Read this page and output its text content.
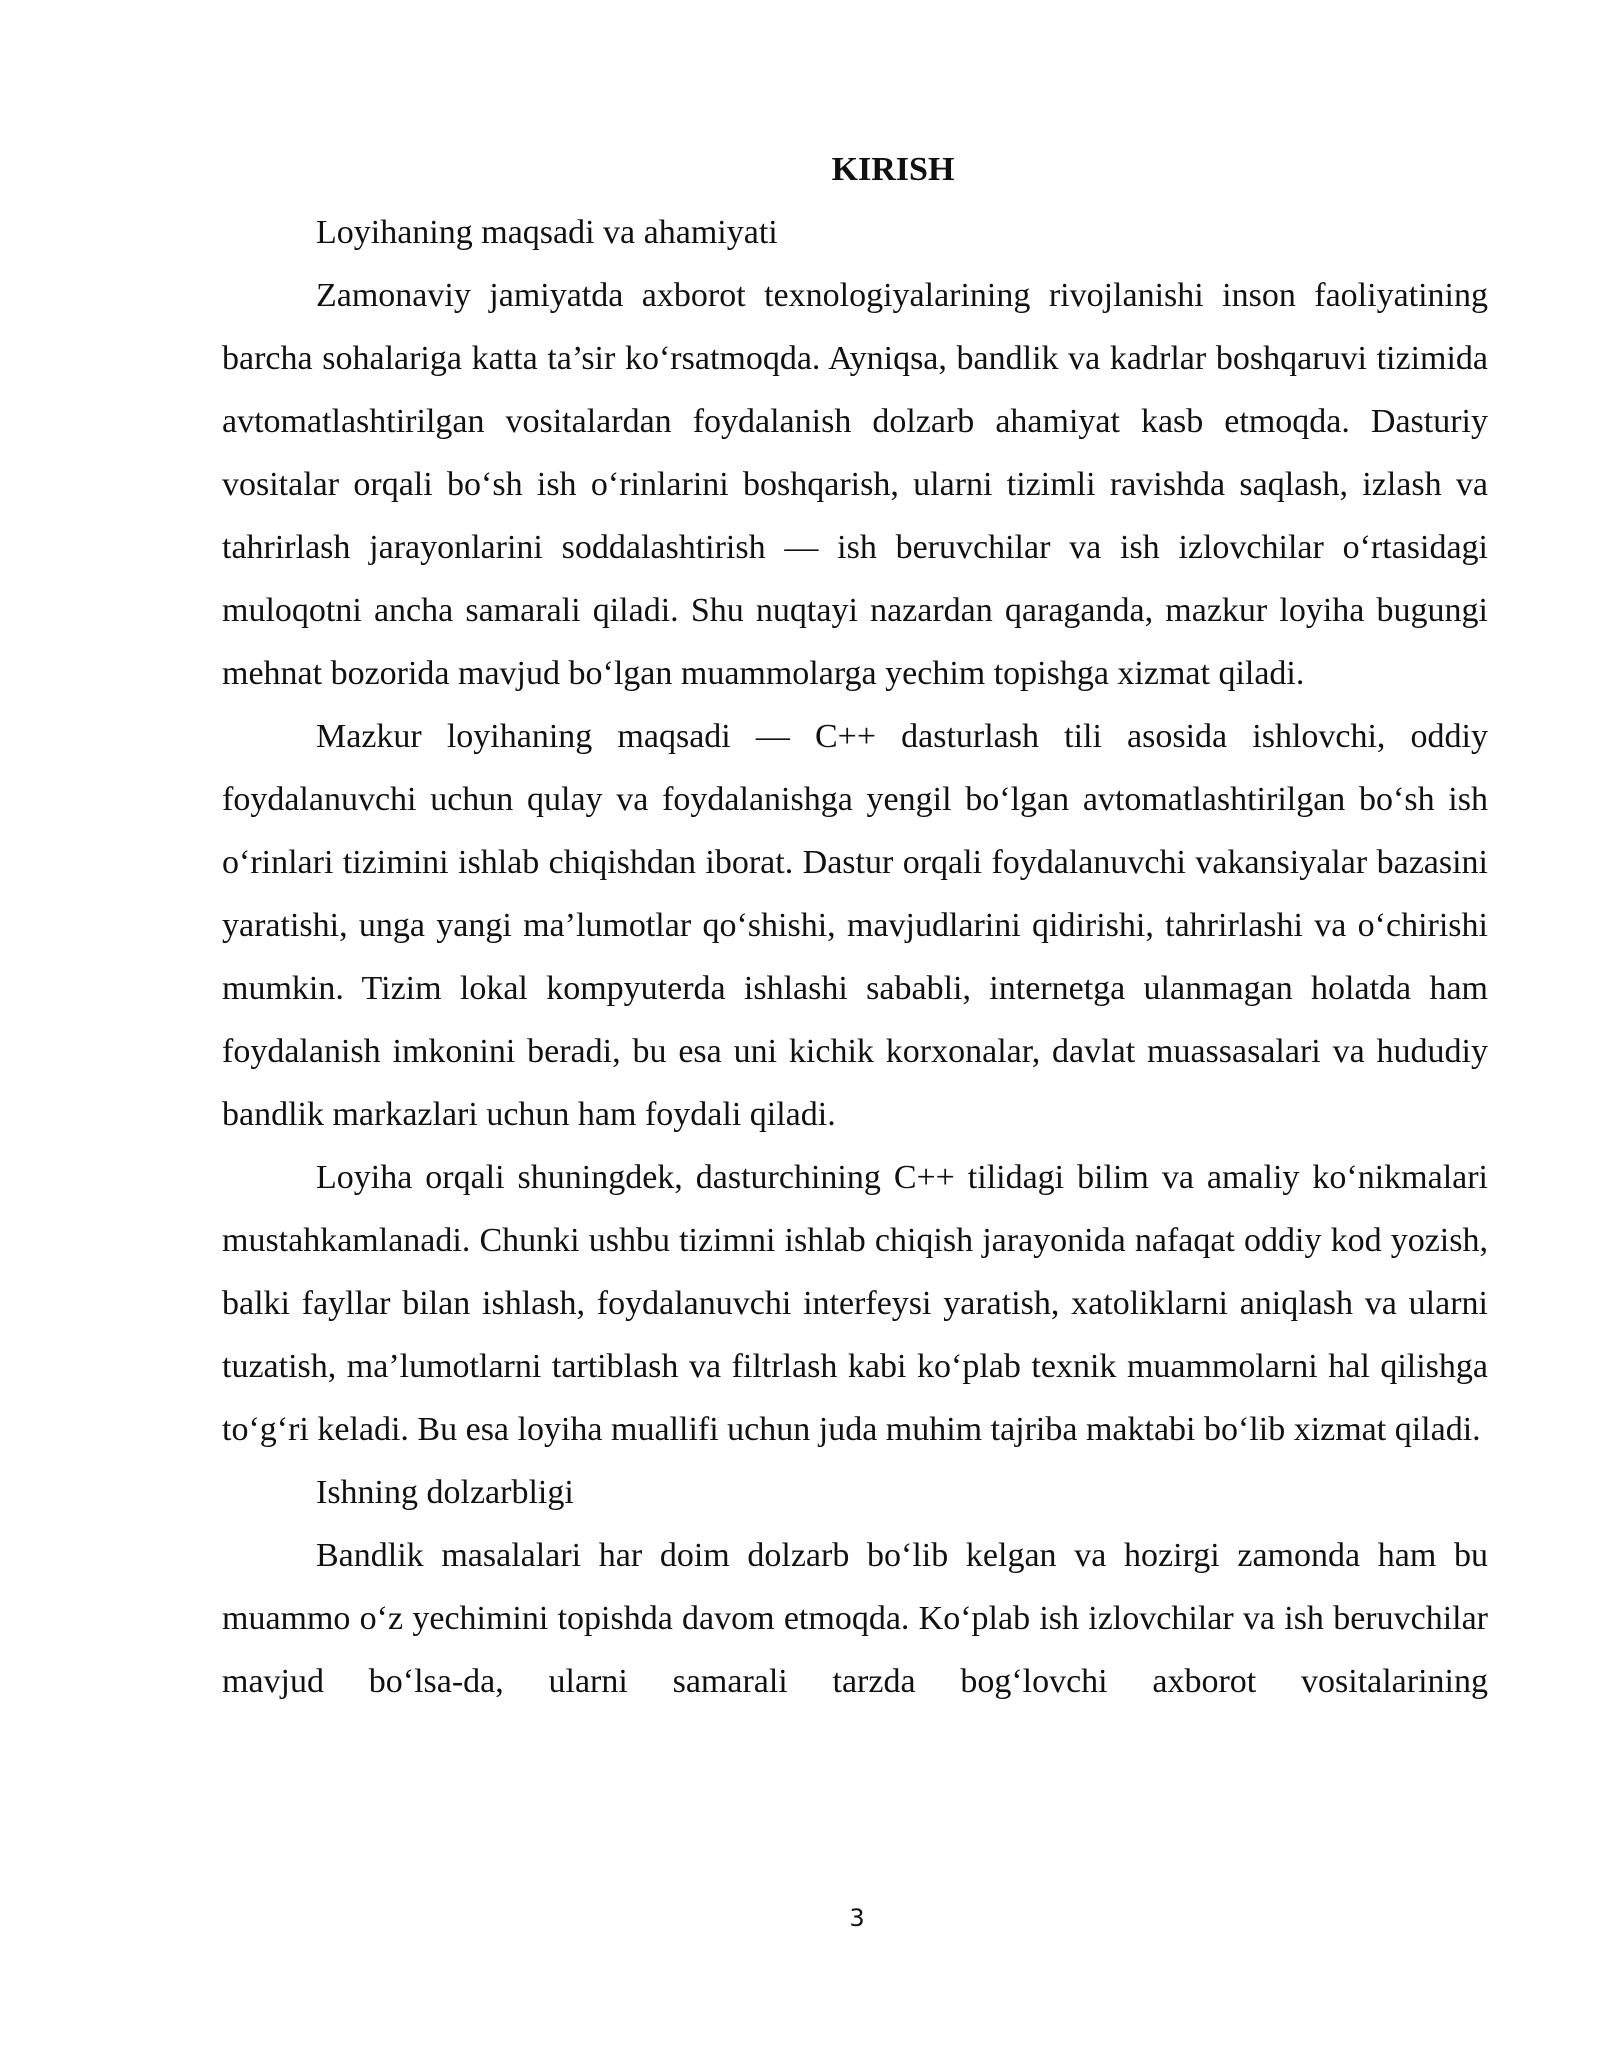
KIRISH

Loyihaning maqsadi va ahamiyati

Zamonaviy jamiyatda axborot texnologiyalarining rivojlanishi inson faoliyatining barcha sohalariga katta ta’sir ko‘rsatmoqda. Ayniqsa, bandlik va kadrlar boshqaruvi tizimida avtomatlashtirilgan vositalardan foydalanish dolzarb ahamiyat kasb etmoqda. Dasturiy vositalar orqali bo‘sh ish o‘rinlarini boshqarish, ularni tizimli ravishda saqlash, izlash va tahrirlash jarayonlarini soddalashtirish — ish beruvchilar va ish izlovchilar o‘rtasidagi muloqotni ancha samarali qiladi. Shu nuqtayi nazardan qaraganda, mazkur loyiha bugungi mehnat bozorida mavjud bo‘lgan muammolarga yechim topishga xizmat qiladi.

Mazkur loyihaning maqsadi — C++ dasturlash tili asosida ishlovchi, oddiy foydalanuvchi uchun qulay va foydalanishga yengil bo‘lgan avtomatlashtirilgan bo‘sh ish o‘rinlari tizimini ishlab chiqishdan iborat. Dastur orqali foydalanuvchi vakansiyalar bazasini yaratishi, unga yangi ma’lumotlar qo‘shishi, mavjudlarini qidirishi, tahrirlashi va o‘chirishi mumkin. Tizim lokal kompyuterda ishlashi sababli, internetga ulanmagan holatda ham foydalanish imkonini beradi, bu esa uni kichik korxonalar, davlat muassasalari va hududiy bandlik markazlari uchun ham foydali qiladi.

Loyiha orqali shuningdek, dasturchining C++ tilidagi bilim va amaliy ko‘nikmalari mustahkamlanadi. Chunki ushbu tizimni ishlab chiqish jarayonida nafaqat oddiy kod yozish, balki fayllar bilan ishlash, foydalanuvchi interfeysi yaratish, xatoliklarni aniqlash va ularni tuzatish, ma’lumotlarni tartiblash va filtrlash kabi ko‘plab texnik muammolarni hal qilishga to‘g‘ri keladi. Bu esa loyiha muallifi uchun juda muhim tajriba maktabi bo‘lib xizmat qiladi.

Ishning dolzarbligi

Bandlik masalalari har doim dolzarb bo‘lib kelgan va hozirgi zamonda ham bu muammo o‘z yechimini topishda davom etmoqda. Ko‘plab ish izlovchilar va ish beruvchilar mavjud bo‘lsa-da, ularni samarali tarzda bog‘lovchi axborot vositalarining

3
